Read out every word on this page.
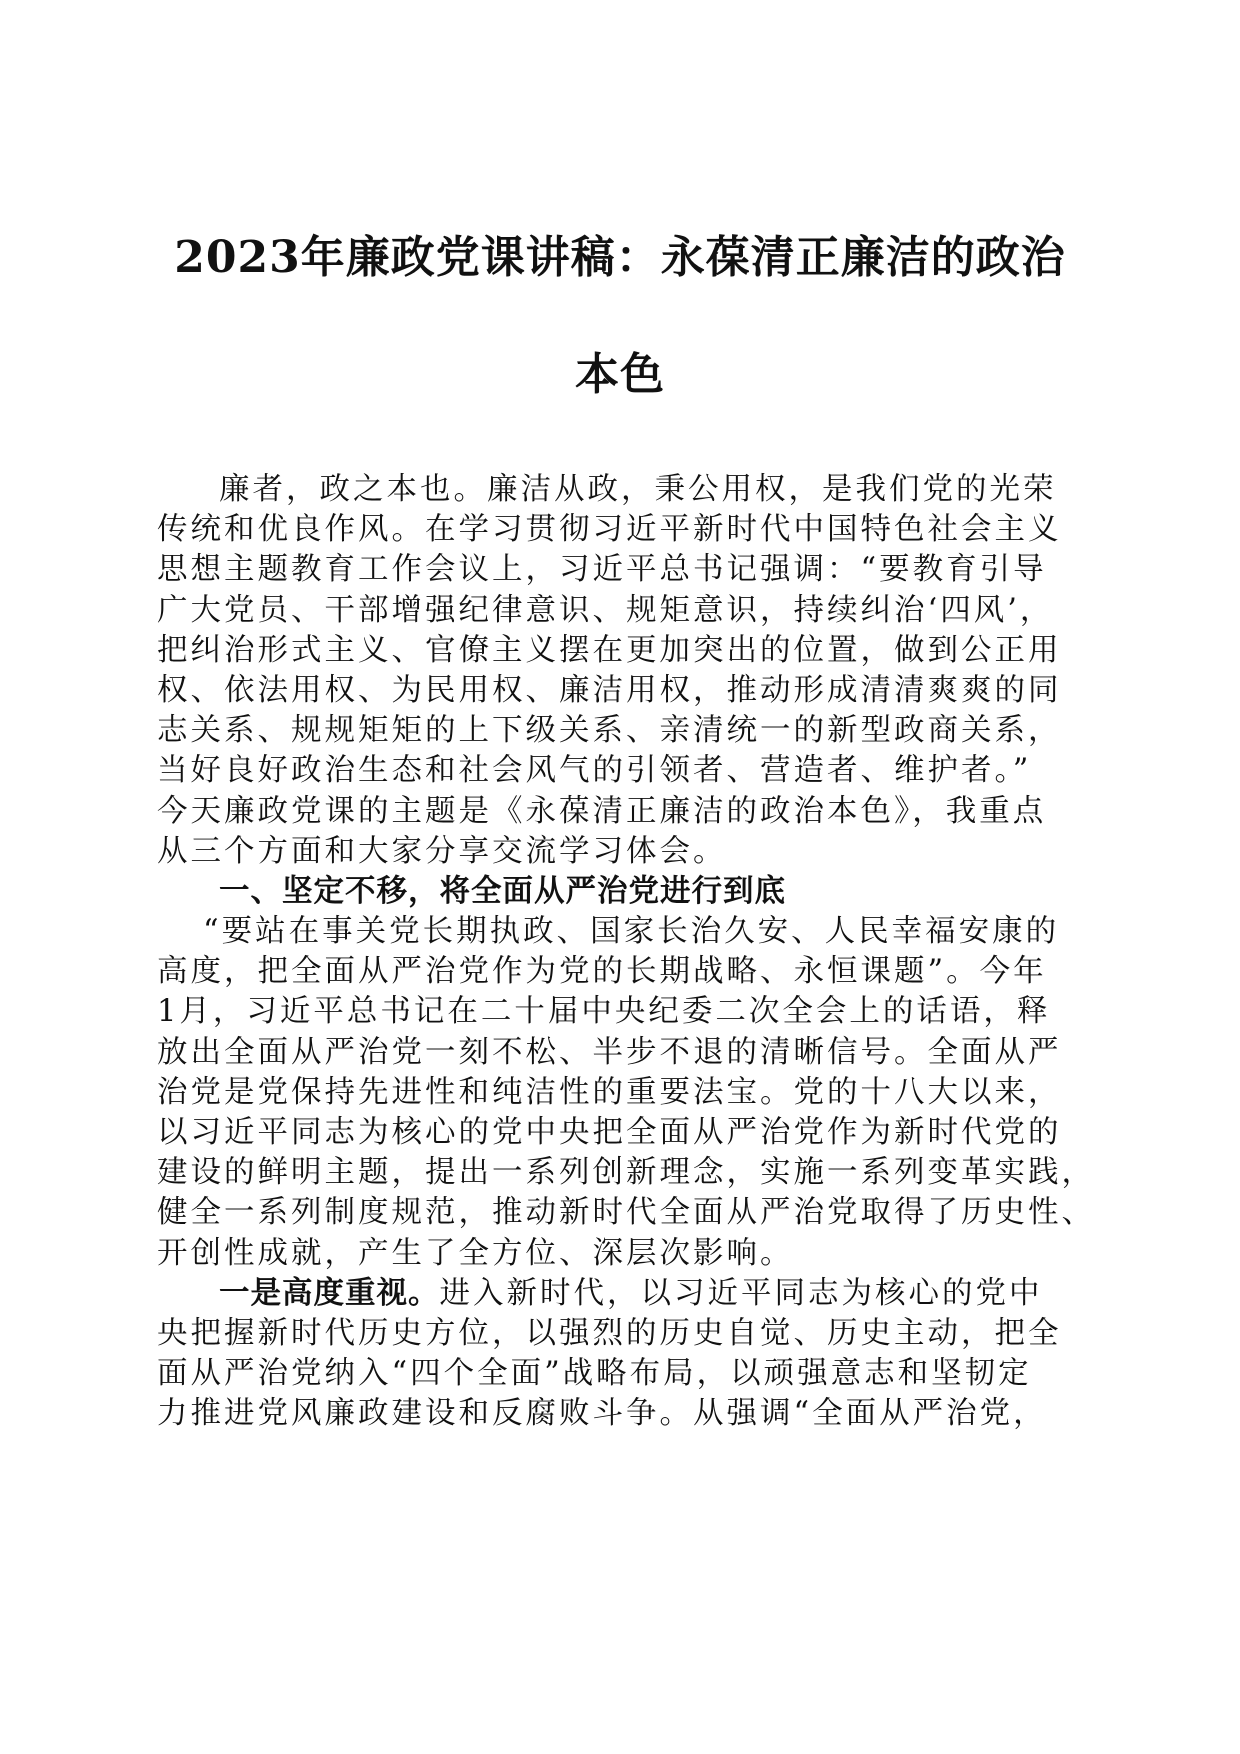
2023年廉政党课讲稿：永葆清正廉洁的政治
本色
廉者，政之本也。廉洁从政，秉公用权，是我们党的光荣
传统和优良作风。在学习贯彻习近平新时代中国特色社会主义
思想主题教育工作会议上，习近平总书记强调：“要教育引导
广大党员、干部增强纪律意识、规矩意识，持续纠治‘四风’，
把纠治形式主义、官僚主义摆在更加突出的位置，做到公正用
权、依法用权、为民用权、廉洁用权，推动形成清清爽爽的同
志关系、规规矩矩的上下级关系、亲清统一的新型政商关系，
当好良好政治生态和社会风气的引领者、营造者、维护者。”
今天廉政党课的主题是《永葆清正廉洁的政治本色》，我重点
从三个方面和大家分享交流学习体会。
一、坚定不移，将全面从严治党进行到底
“要站在事关党长期执政、国家长治久安、人民幸福安康的
高度，把全面从严治党作为党的长期战略、永恒课题”。今年
1月，习近平总书记在二十届中央纪委二次全会上的话语，释
放出全面从严治党一刻不松、半步不退的清晰信号。全面从严
治党是党保持先进性和纯洁性的重要法宝。党的十八大以来，
以习近平同志为核心的党中央把全面从严治党作为新时代党的
建设的鲜明主题，提出一系列创新理念，实施一系列变革实践，
健全一系列制度规范，推动新时代全面从严治党取得了历史性、
开创性成就，产生了全方位、深层次影响。
一是高度重视。进入新时代，以习近平同志为核心的党中
央把握新时代历史方位，以强烈的历史自觉、历史主动，把全
面从严治党纳入“四个全面”战略布局，以顽强意志和坚韧定
力推进党风廉政建设和反腐败斗争。从强调“全面从严治党，
